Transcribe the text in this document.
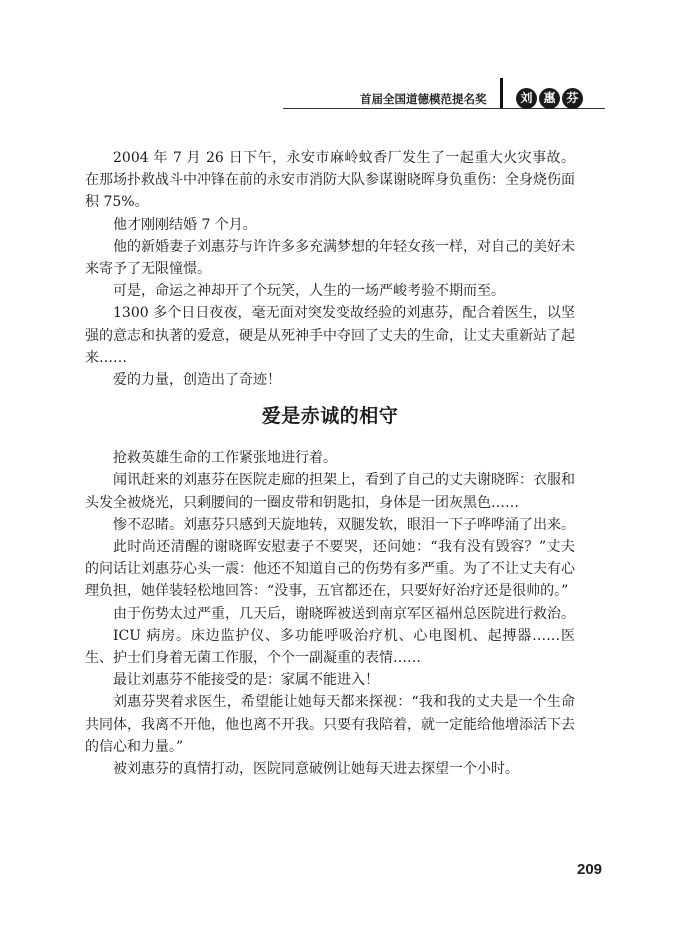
首届全国道德模范提名奖	刘 惠 芬

2004 年 7 月 26 日下午，永安市麻岭蚊香厂发生了一起重大火灾事故。在那场扑救战斗中冲锋在前的永安市消防大队参谋谢晓晖身负重伤：全身烧伤面积 75%。

他才刚刚结婚 7 个月。

他的新婚妻子刘惠芬与许许多多充满梦想的年轻女孩一样，对自己的美好未来寄予了无限憧憬。

可是，命运之神却开了个玩笑，人生的一场严峻考验不期而至。

1300 多个日日夜夜，毫无面对突发变故经验的刘惠芬，配合着医生，以坚强的意志和执著的爱意，硬是从死神手中夺回了丈夫的生命，让丈夫重新站了起来……

爱的力量，创造出了奇迹！

爱是赤诚的相守

抢救英雄生命的工作紧张地进行着。

闻讯赶来的刘惠芬在医院走廊的担架上，看到了自己的丈夫谢晓晖：衣服和头发全被烧光，只剩腰间的一圈皮带和钥匙扣，身体是一团灰黑色……

惨不忍睹。刘惠芬只感到天旋地转，双腿发软，眼泪一下子哗哗涌了出来。

此时尚还清醒的谢晓晖安慰妻子不要哭，还问她：“我有没有毁容？”丈夫的问话让刘惠芬心头一震：他还不知道自己的伤势有多严重。为了不让丈夫有心理负担，她佯装轻松地回答：“没事，五官都还在，只要好好治疗还是很帅的。”

由于伤势太过严重，几天后，谢晓晖被送到南京军区福州总医院进行救治。

ICU 病房。床边监护仪、多功能呼吸治疗机、心电图机、起搏器……医生、护士们身着无菌工作服，个个一副凝重的表情……

最让刘惠芬不能接受的是：家属不能进入！

刘惠芬哭着求医生，希望能让她每天都来探视：“我和我的丈夫是一个生命共同体，我离不开他，他也离不开我。只要有我陪着，就一定能给他增添活下去的信心和力量。”

被刘惠芬的真情打动，医院同意破例让她每天进去探望一个小时。

209
